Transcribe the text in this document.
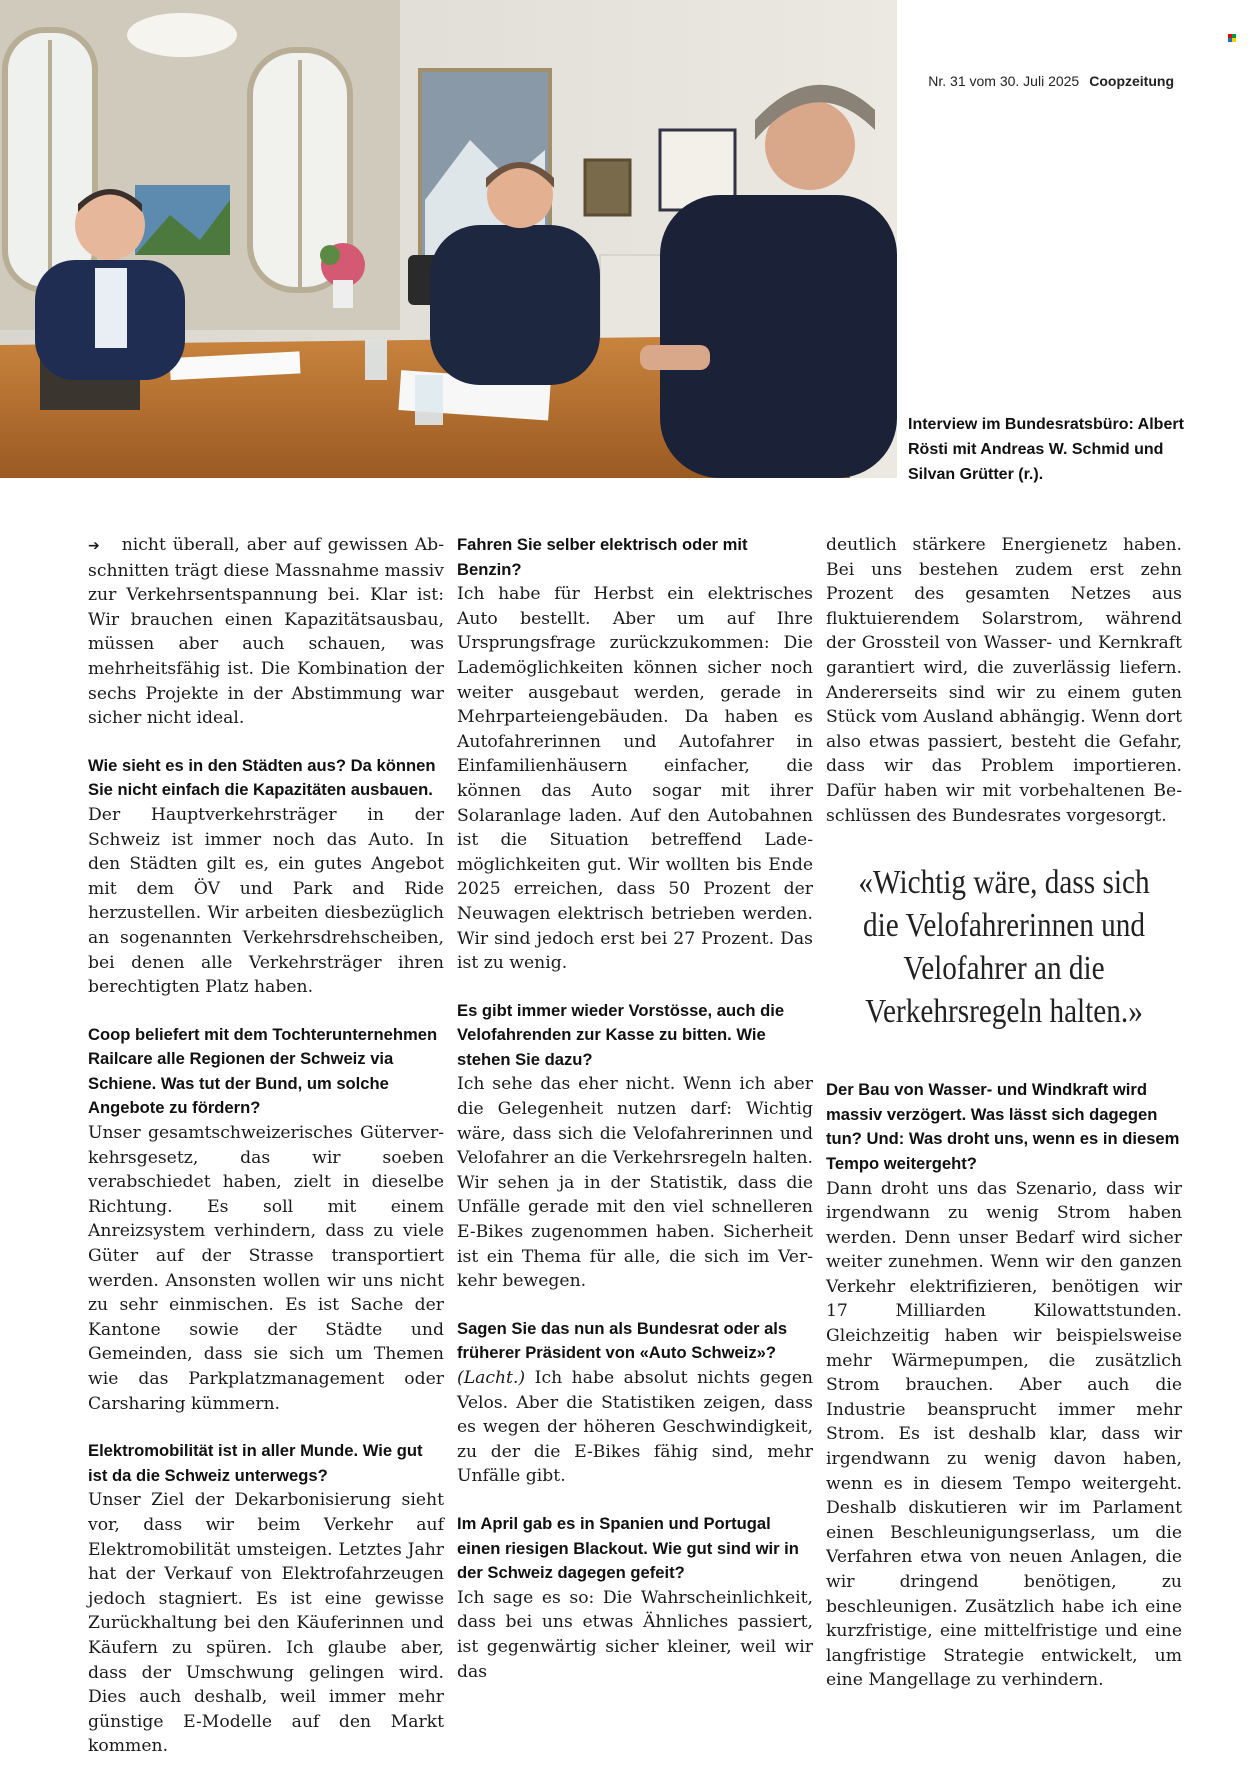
Nr. 31 vom 30. Juli 2025 Coopzeitung
Interview im Bundesratsbüro: Albert Rösti mit Andreas W. Schmid und Silvan Grütter (r.).

➔ nicht überall, aber auf gewissen Abschnitten trägt diese Massnahme massiv zur Verkehrsentspannung bei. Klar ist: Wir brauchen einen Kapazitätsausbau, müssen aber auch schauen, was mehrheitsfähig ist. Die Kombination der sechs Projekte in der Abstimmung war sicher nicht ideal.

Wie sieht es in den Städten aus? Da können Sie nicht einfach die Kapazitäten ausbauen.
Der Hauptverkehrsträger in der Schweiz ist immer noch das Auto. In den Städten gilt es, ein gutes Angebot mit dem ÖV und Park and Ride herzustellen. Wir arbeiten diesbezüglich an sogenannten Verkehrsdrehscheiben, bei denen alle Verkehrsträger ihren berechtigten Platz haben.

Coop beliefert mit dem Tochterunternehmen Railcare alle Regionen der Schweiz via Schiene. Was tut der Bund, um solche Angebote zu fördern?
Unser gesamtschweizerisches Güterverkehrsgesetz, das wir soeben verabschiedet haben, zielt in dieselbe Richtung. Es soll mit einem Anreizsystem verhindern, dass zu viele Güter auf der Strasse transportiert werden. Ansonsten wollen wir uns nicht zu sehr einmischen. Es ist Sache der Kantone sowie der Städte und Gemeinden, dass sie sich um Themen wie das Parkplatzmanagement oder Carsharing kümmern.

Elektromobilität ist in aller Munde. Wie gut ist da die Schweiz unterwegs?
Unser Ziel der Dekarbonisierung sieht vor, dass wir beim Verkehr auf Elektromobilität umsteigen. Letztes Jahr hat der Verkauf von Elektrofahrzeugen jedoch stagniert. Es ist eine gewisse Zurückhaltung bei den Käuferinnen und Käufern zu spüren. Ich glaube aber, dass der Umschwung gelingen wird. Dies auch deshalb, weil immer mehr günstige E-Modelle auf den Markt kommen.

Fahren Sie selber elektrisch oder mit Benzin?
Ich habe für Herbst ein elektrisches Auto bestellt. Aber um auf Ihre Ursprungsfrage zurückzukommen: Die Lademöglichkeiten können sicher noch weiter ausgebaut werden, gerade in Mehrparteiengebäuden. Da haben es Autofahrerinnen und Autofahrer in Einfamilienhäusern einfacher, die können das Auto sogar mit ihrer Solaranlage laden. Auf den Autobahnen ist die Situation betreffend Lademöglichkeiten gut. Wir wollten bis Ende 2025 erreichen, dass 50 Prozent der Neuwagen elektrisch betrieben werden. Wir sind jedoch erst bei 27 Prozent. Das ist zu wenig.

Es gibt immer wieder Vorstösse, auch die Velofahrenden zur Kasse zu bitten. Wie stehen Sie dazu?
Ich sehe das eher nicht. Wenn ich aber die Gelegenheit nutzen darf: Wichtig wäre, dass sich die Velofahrerinnen und Velofahrer an die Verkehrsregeln halten. Wir sehen ja in der Statistik, dass die Unfälle gerade mit den viel schnelleren E-Bikes zugenommen haben. Sicherheit ist ein Thema für alle, die sich im Verkehr bewegen.

Sagen Sie das nun als Bundesrat oder als früherer Präsident von «Auto Schweiz»?
(Lacht.) Ich habe absolut nichts gegen Velos. Aber die Statistiken zeigen, dass es wegen der höheren Geschwindigkeit, zu der die E-Bikes fähig sind, mehr Unfälle gibt.

Im April gab es in Spanien und Portugal einen riesigen Blackout. Wie gut sind wir in der Schweiz dagegen gefeit?
Ich sage es so: Die Wahrscheinlichkeit, dass bei uns etwas Ähnliches passiert, ist gegenwärtig sicher kleiner, weil wir das

deutlich stärkere Energienetz haben. Bei uns bestehen zudem erst zehn Prozent des gesamten Netzes aus fluktuierendem Solarstrom, während der Grossteil von Wasser- und Kernkraft garantiert wird, die zuverlässig liefern. Andererseits sind wir zu einem guten Stück vom Ausland abhängig. Wenn dort also etwas passiert, besteht die Gefahr, dass wir das Problem importieren. Dafür haben wir mit vorbehaltenen Beschlüssen des Bundesrates vorgesorgt.

«Wichtig wäre, dass sich die Velofahrerinnen und Velofahrer an die Verkehrsregeln halten.»

Der Bau von Wasser- und Windkraft wird massiv verzögert. Was lässt sich dagegen tun? Und: Was droht uns, wenn es in diesem Tempo weitergeht?
Dann droht uns das Szenario, dass wir irgendwann zu wenig Strom haben werden. Denn unser Bedarf wird sicher weiter zunehmen. Wenn wir den ganzen Verkehr elektrifizieren, benötigen wir 17 Milliarden Kilowattstunden. Gleichzeitig haben wir beispielsweise mehr Wärmepumpen, die zusätzlich Strom brauchen. Aber auch die Industrie beansprucht immer mehr Strom. Es ist deshalb klar, dass wir irgendwann zu wenig davon haben, wenn es in diesem Tempo weitergeht. Deshalb diskutieren wir im Parlament einen Beschleunigungserlass, um die Verfahren etwa von neuen Anlagen, die wir dringend benötigen, zu beschleunigen. Zusätzlich habe ich eine kurzfristige, eine mittelfristige und eine langfristige Strategie entwickelt, um eine Mangellage zu verhindern.
